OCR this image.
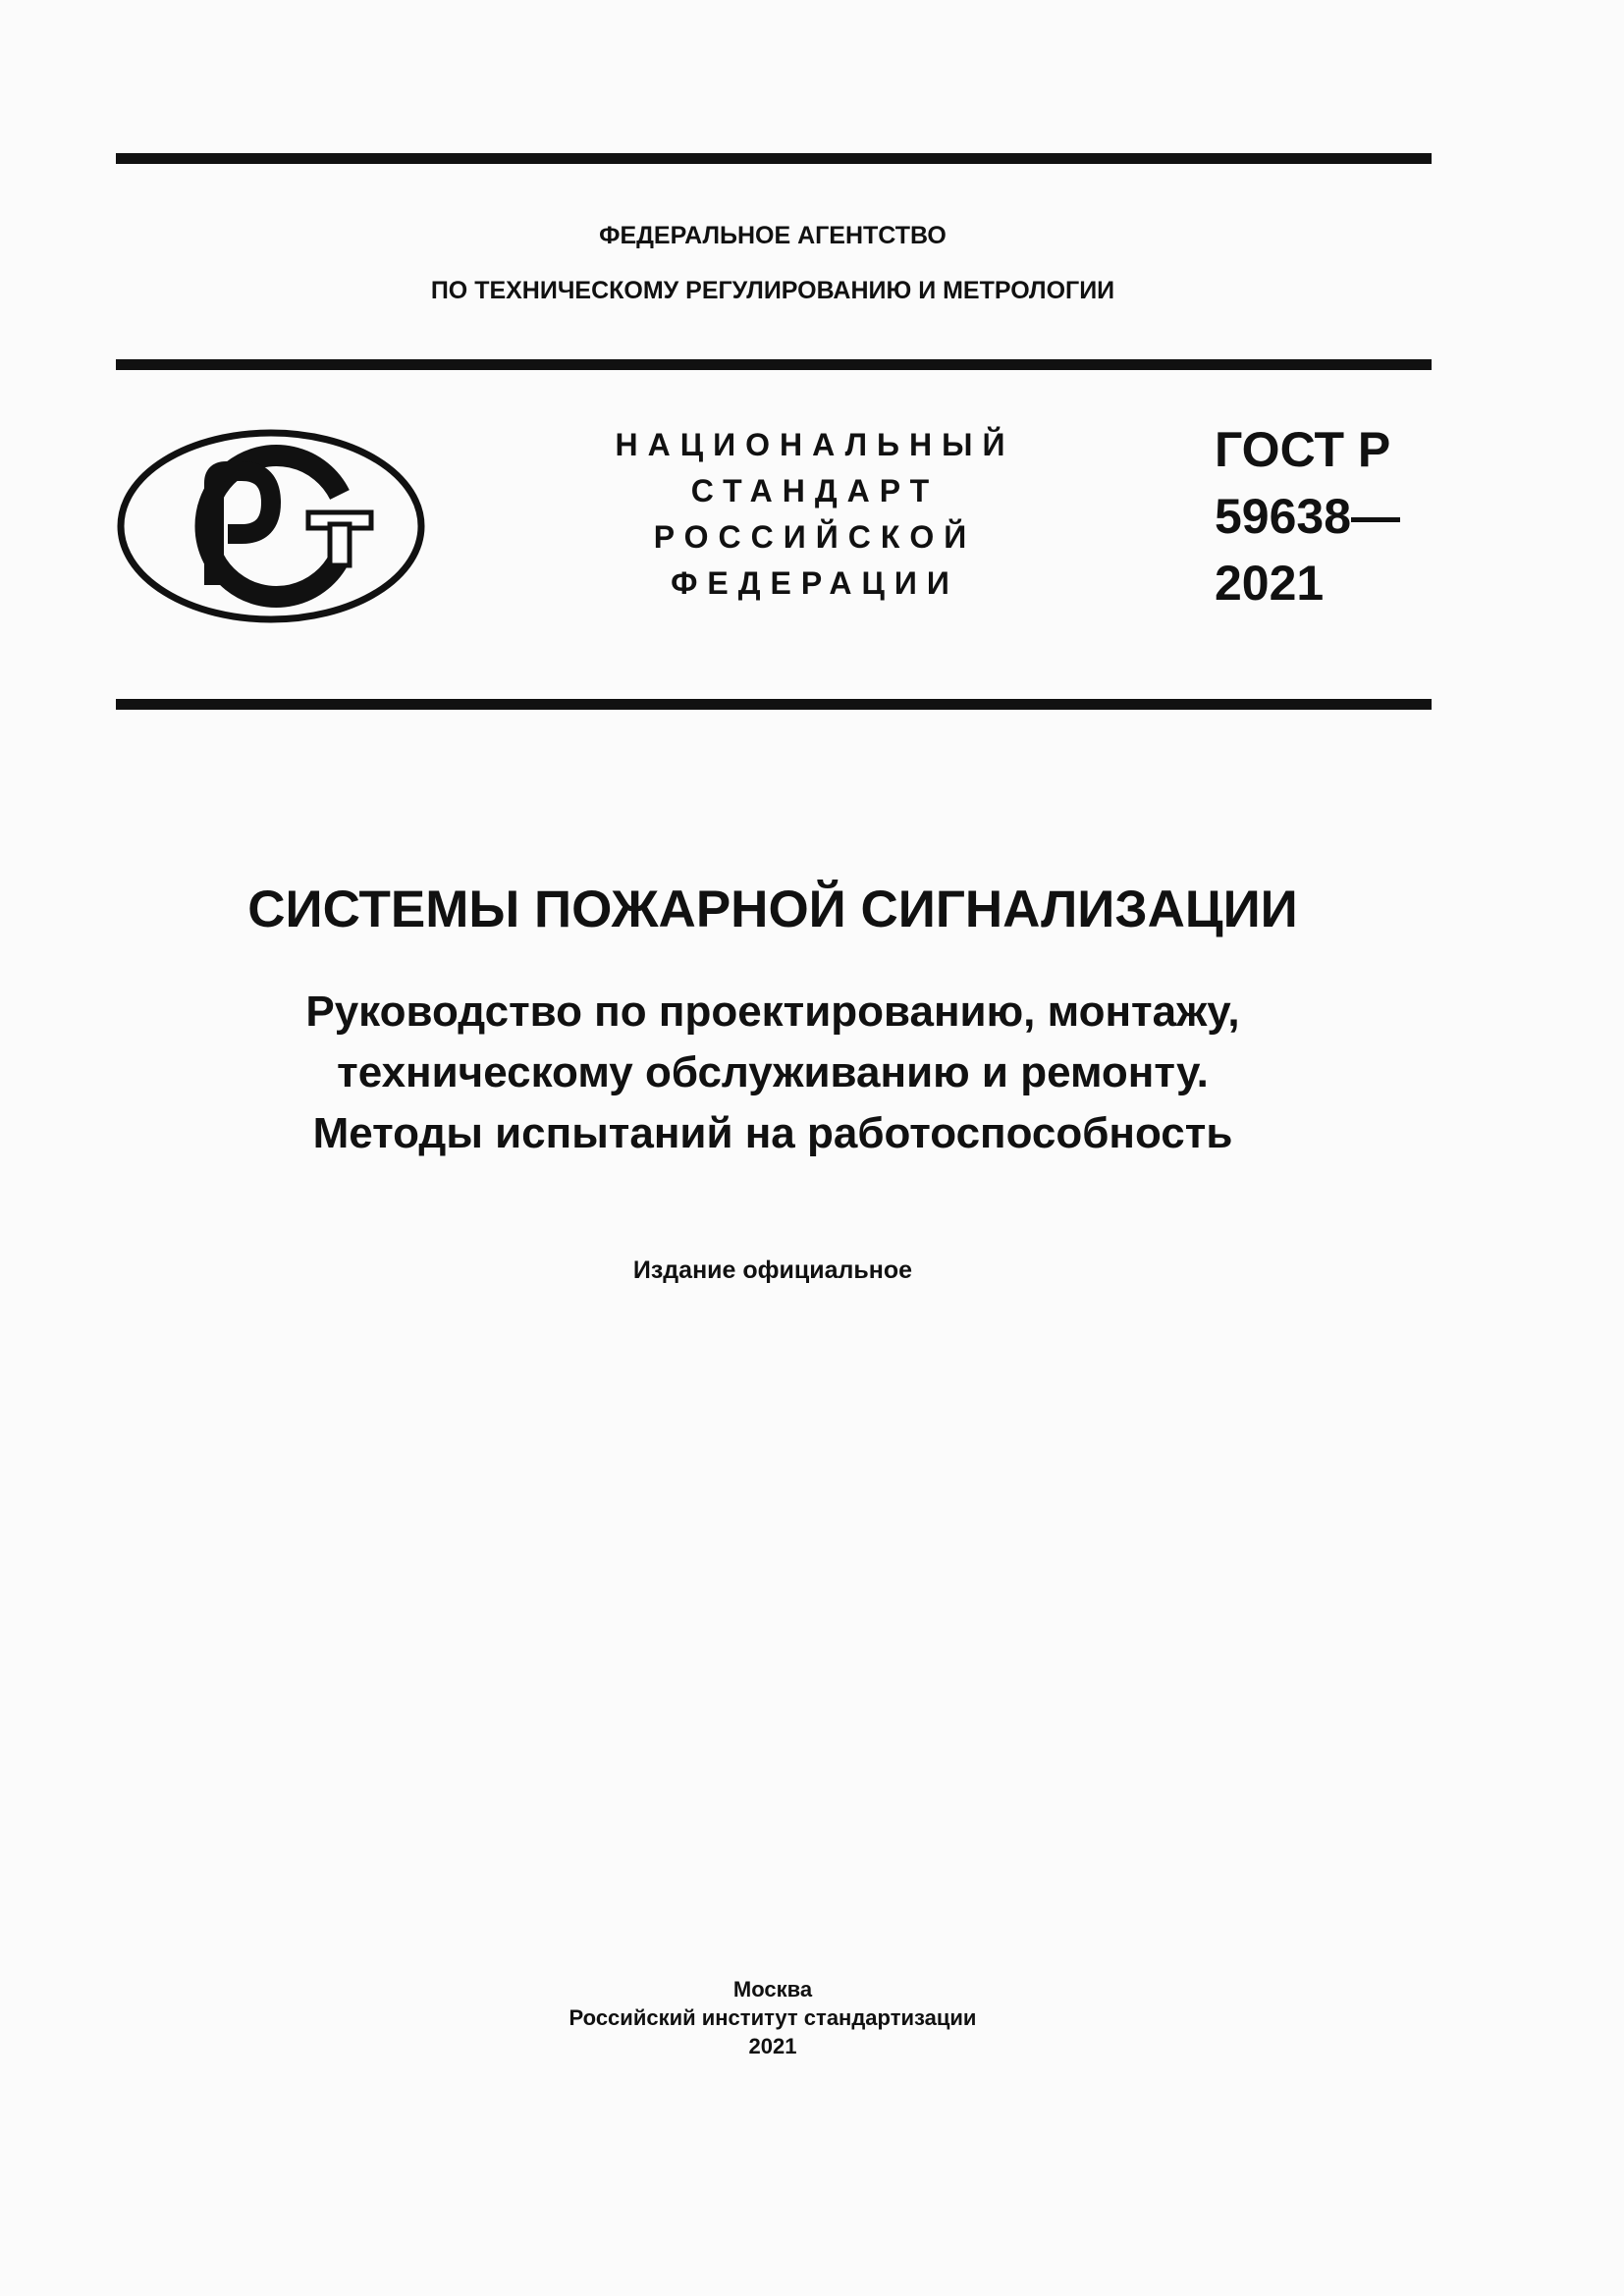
ФЕДЕРАЛЬНОЕ АГЕНТСТВО
ПО ТЕХНИЧЕСКОМУ РЕГУЛИРОВАНИЮ И МЕТРОЛОГИИ
НАЦИОНАЛЬНЫЙ
СТАНДАРТ
РОССИЙСКОЙ
ФЕДЕРАЦИИ
ГОСТ Р
59638—
2021
СИСТЕМЫ ПОЖАРНОЙ СИГНАЛИЗАЦИИ
Руководство по проектированию, монтажу,
техническому обслуживанию и ремонту.
Методы испытаний на работоспособность
Издание официальное
Москва
Российский институт стандартизации
2021
